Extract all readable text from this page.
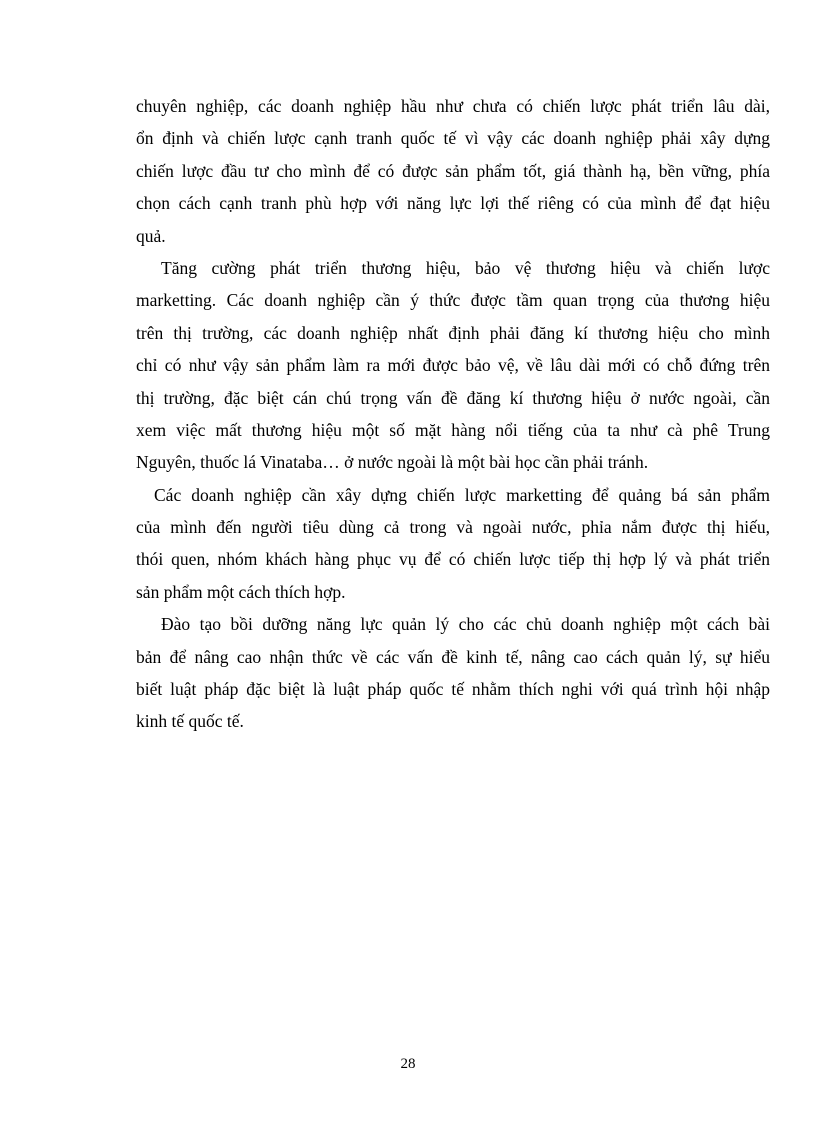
chuyên nghiệp, các doanh nghiệp hầu như chưa có chiến lược phát triển lâu dài,
ổn định và chiến lược cạnh tranh quốc tế vì vậy các doanh nghiệp phải xây dựng
chiến lược đầu tư cho mình để có được sản phẩm tốt, giá thành hạ, bền vững, phía
chọn cách cạnh tranh phù hợp với năng lực lợi thế riêng có của mình để đạt hiệu
quả.
Tăng cường phát triển thương hiệu, bảo vệ thương hiệu và chiến lược
marketting. Các doanh nghiệp cần ý thức được tầm quan trọng của thương hiệu
trên thị trường, các doanh nghiệp nhất định phải đăng kí thương hiệu cho mình
chỉ có như vậy sản phẩm làm ra mới được bảo vệ, về lâu dài mới có chỗ đứng trên
thị trường, đặc biệt cán chú trọng vấn đề đăng kí thương hiệu ở nước ngoài, cần
xem việc mất thương hiệu một số mặt hàng nổi tiếng của ta như cà phê Trung
Nguyên, thuốc lá Vinataba… ở nước ngoài là một bài học cần phải tránh.
Các doanh nghiệp cần xây dựng chiến lược marketting để quảng bá sản phẩm
của mình đến người tiêu dùng cả trong và ngoài nước, phỉa nắm được thị hiếu,
thói quen, nhóm khách hàng phục vụ để có chiến lược tiếp thị hợp lý và phát triển
sản phẩm một cách thích hợp.
Đào tạo bồi dưỡng năng lực quản lý cho các chủ doanh nghiệp một cách bài
bản để nâng cao nhận thức về các vấn đề kinh tế, nâng cao cách quản lý, sự hiểu
biết luật pháp đặc biệt là luật pháp quốc tế nhằm thích nghi với quá trình hội nhập
kinh tế quốc tế.
28
